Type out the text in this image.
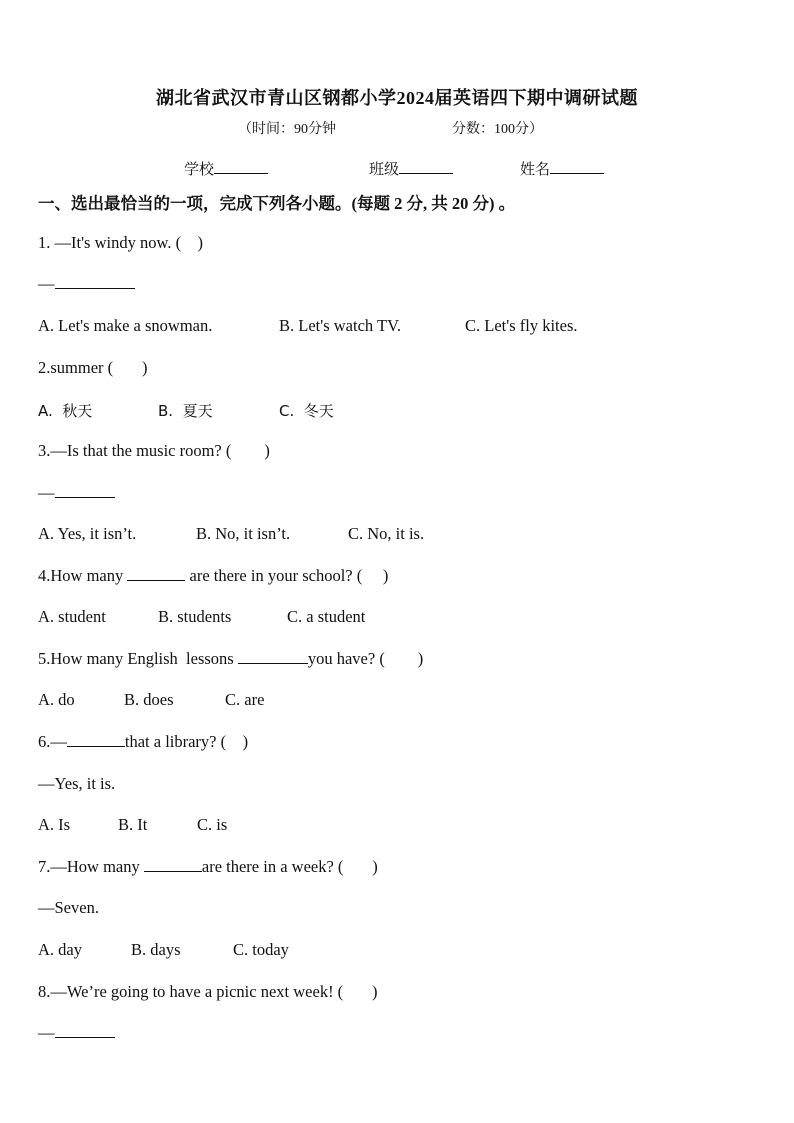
湖北省武汉市青山区钢都小学2024届英语四下期中调研试题
（时间：90分钟	分数：100分）
学校	班级	姓名
一、选出最恰当的一项，完成下列各小题。(每题 2 分, 共 20 分) 。
1. —It's windy now. (    )
—
A. Let's make a snowman.	B. Let's watch TV.	C. Let's fly kites.
2.summer (       )
A.  秋天	B.  夏天	C.  冬天
3.—Is that the music room? (        )
—
A. Yes, it isn’t.	B. No, it isn’t.	C. No, it is.
4.How many	are there in your school? (     )
A. student	B. students	C. a student
5.How many English  lessons	you have? (        )
A. do	B. does	C. are
6.—	that a library? (    )
—Yes, it is.
A. Is	B. It	C. is
7.—How many	are there in a week? (       )
—Seven.
A. day	B. days	C. today
8.—We’re going to have a picnic next week! (       )
—
